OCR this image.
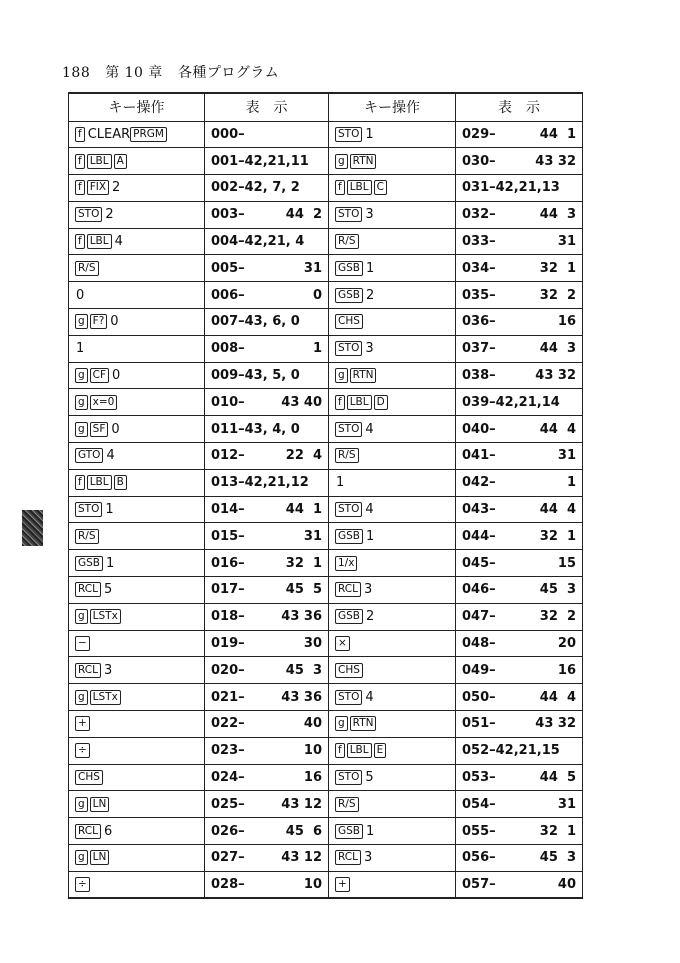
188 第 10 章 各種プログラム
キー操作	表　示	キー操作	表　示

f CLEAR PRGM	000–	STO 1	029– 44  1

f LBL A	001–42,21,11	g RTN	030– 43 32

f FIX 2	002–42, 7, 2	f LBL C	031–42,21,13

STO 2	003– 44  2	STO 3	032– 44  3

f LBL 4	004–42,21, 4	R/S	033– 31

R/S	005– 31	GSB 1	034– 32  1

0	006– 0	GSB 2	035– 32  2

g F? 0	007–43, 6, 0	CHS	036– 16

1	008– 1	STO 3	037– 44  3

g CF 0	009–43, 5, 0	g RTN	038– 43 32

g x=0	010– 43 40	f LBL D	039–42,21,14

g SF 0	011–43, 4, 0	STO 4	040– 44  4

GTO 4	012– 22  4	R/S	041– 31

f LBL B	013–42,21,12	1	042– 1

STO 1	014– 44  1	STO 4	043– 44  4

R/S	015– 31	GSB 1	044– 32  1

GSB 1	016– 32  1	1/x	045– 15

RCL 5	017– 45  5	RCL 3	046– 45  3

g LSTx	018– 43 36	GSB 2	047– 32  2

−	019– 30	×	048– 20

RCL 3	020– 45  3	CHS	049– 16

g LSTx	021– 43 36	STO 4	050– 44  4

+	022– 40	g RTN	051– 43 32

÷	023– 10	f LBL E	052–42,21,15

CHS	024– 16	STO 5	053– 44  5

g LN	025– 43 12	R/S	054– 31

RCL 6	026– 45  6	GSB 1	055– 32  1

g LN	027– 43 12	RCL 3	056– 45  3

÷	028– 10	+	057– 40
